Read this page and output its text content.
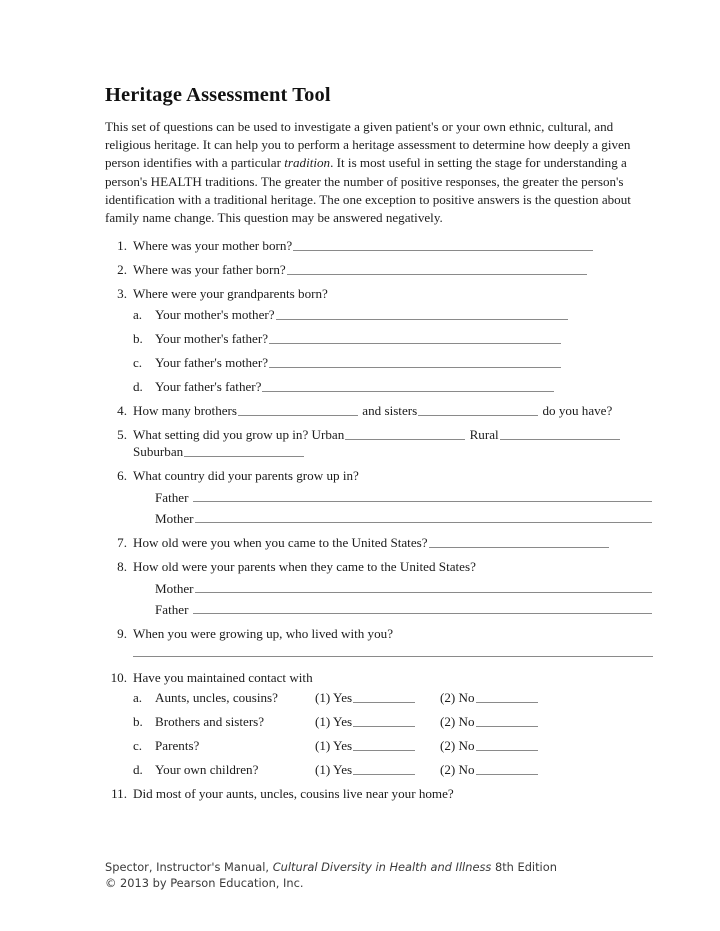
Heritage Assessment Tool

This set of questions can be used to investigate a given patient's or your own ethnic, cultural, and religious heritage. It can help you to perform a heritage assessment to determine how deeply a given person identifies with a particular tradition. It is most useful in setting the stage for understanding a person's HEALTH traditions. The greater the number of positive responses, the greater the person's identification with a traditional heritage. The one exception to positive answers is the question about family name change. This question may be answered negatively.

1. Where was your mother born?
2. Where was your father born?
3. Where were your grandparents born?
a. Your mother's mother?
b. Your mother's father?
c. Your father's mother?
d. Your father's father?
4. How many brothers	and sisters	do you have?
5. What setting did you grow up in? Urban	Rural Suburban
6. What country did your parents grow up in?
Father
Mother
7. How old were you when you came to the United States?
8. How old were your parents when they came to the United States?
Mother
Father
9. When you were growing up, who lived with you?
10. Have you maintained contact with
a. Aunts, uncles, cousins?	(1) Yes	(2) No
b. Brothers and sisters?	(1) Yes	(2) No
c. Parents?	(1) Yes	(2) No
d. Your own children?	(1) Yes	(2) No
11. Did most of your aunts, uncles, cousins live near your home?
Spector, Instructor's Manual, Cultural Diversity in Health and Illness 8th Edition
© 2013 by Pearson Education, Inc.
